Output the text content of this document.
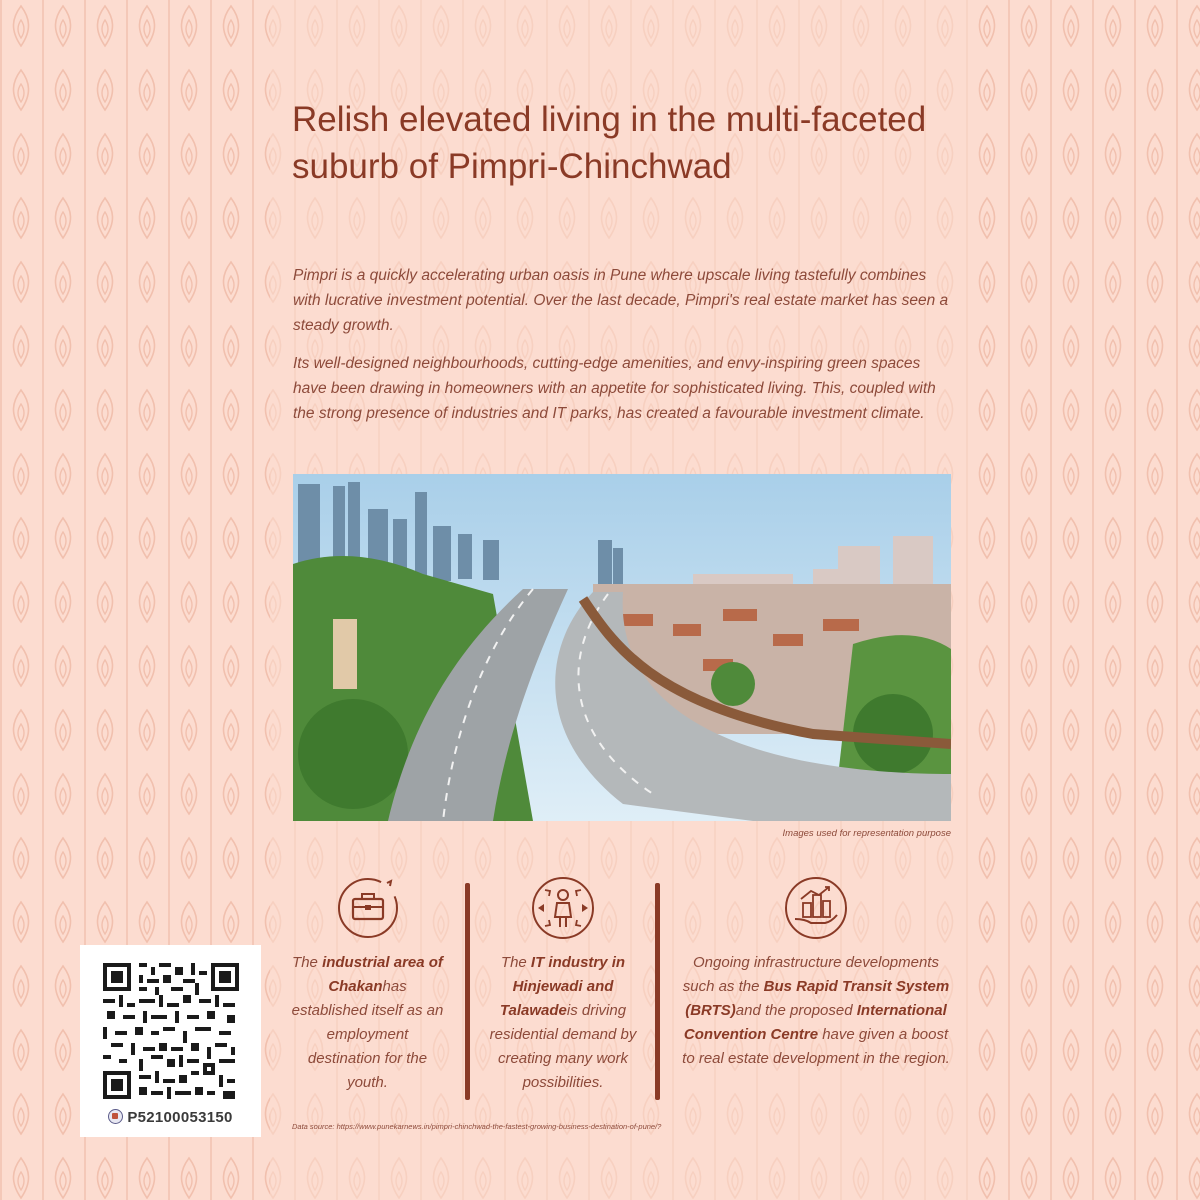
Relish elevated living in the multi-faceted suburb of Pimpri-Chinchwad

Pimpri is a quickly accelerating urban oasis in Pune where upscale living tastefully combines with lucrative investment potential. Over the last decade, Pimpri's real estate market has seen a steady growth.

Its well-designed neighbourhoods, cutting-edge amenities, and envy-inspiring green spaces have been drawing in homeowners with an appetite for sophisticated living. This, coupled with the strong presence of industries and IT parks, has created a favourable investment climate.

Images used for representation purpose

The industrial area of Chakanhas established itself as an employment destination for the youth.

The IT industry in Hinjewadi and Talawadeis driving residential demand by creating many work possibilities.

Ongoing infrastructure developments such as the Bus Rapid Transit System (BRTS)and the proposed International Convention Centre have given a boost to real estate development in the region.

P52100053150
Data source: https://www.punekarnews.in/pimpri-chinchwad-the-fastest-growing-business-destination-of-pune/?
